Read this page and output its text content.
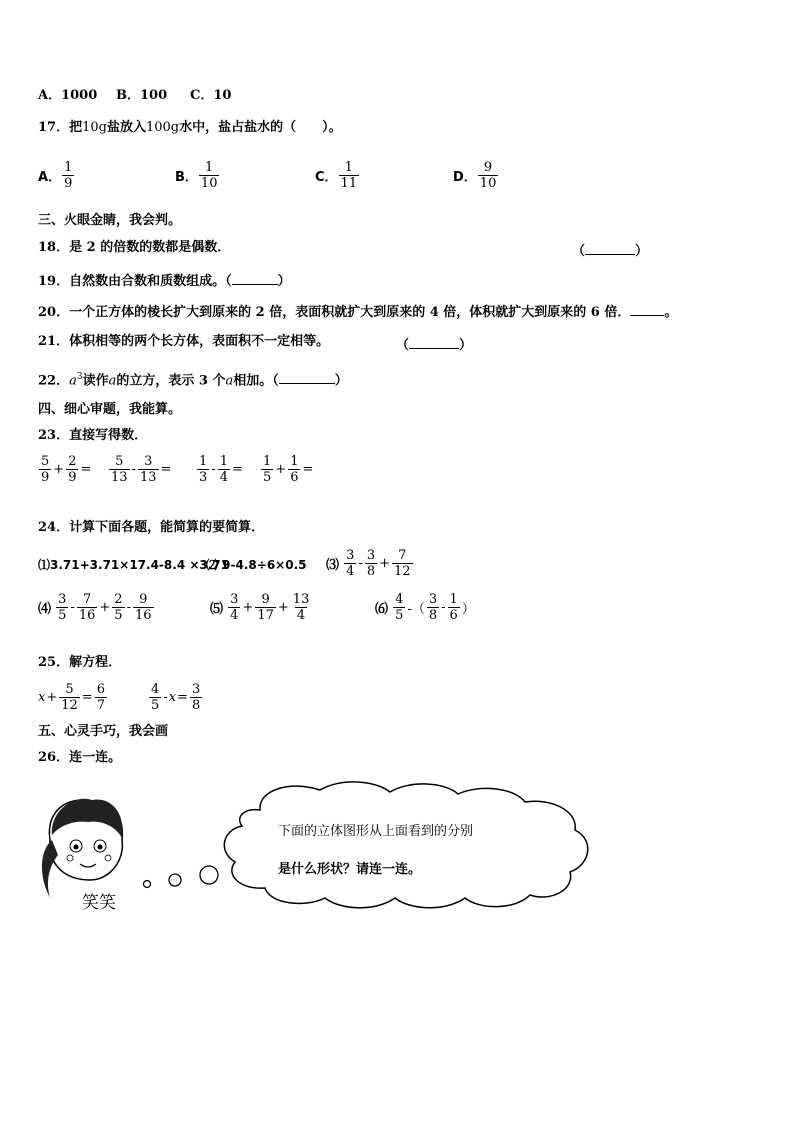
A．1000 B．100 C．10
17．把10g盐放入100g水中，盐占盐水的（　　）。
A． $\frac{1}{9}$	B． $\frac{1}{10}$	C． $\frac{1}{11}$	D． $\frac{9}{10}$
三、火眼金睛，我会判。
18．是 2 的倍数的数都是偶数．	（	）
19．自然数由合数和质数组成。（	）
20．一个正方体的棱长扩大到原来的 2 倍，表面积就扩大到原来的 4 倍，体积就扩大到原来的 6 倍．	。
21．体积相等的两个长方体，表面积不一定相等。	（	）
22．$a^3$读作a的立方，表示 3 个a相加。（	）
四、细心审题，我能算。
23．直接写得数．
$\frac{5}{9} + \frac{2}{9} = \frac{5}{13} - \frac{3}{13} = \frac{1}{3} - \frac{1}{4} = \frac{1}{5} + \frac{1}{6}$ =
24．计算下面各题，能简算的要简算．
⑴3.71+3.71×17.4-8.4 ×3.71
⑵ 9-4.8÷6×0.5 ⑶
$\frac{3}{4} - \frac{3}{8} + \frac{7}{12}$
⑷
$\frac{3}{5} - \frac{7}{16} + \frac{2}{5} - \frac{9}{16}$	⑸
$\frac{3}{4} + \frac{9}{17} + \frac{13}{4}$	⑹
$\frac{4}{5}$ -（ $\frac{3}{8} - \frac{1}{6}$ ）
25．解方程．
$x + \frac{5}{12} = \frac{6}{7}$	$\frac{4}{5} - x = \frac{3}{8}$
五、心灵手巧，我会画
26．连一连。
下面的立体图形从上面看到的分别
是什么形状？请连一连。
笑笑
